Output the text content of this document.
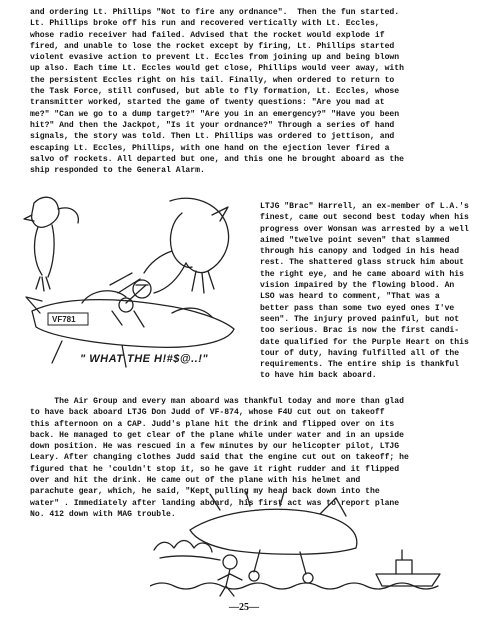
and ordering Lt. Phillips "Not to fire any ordnance".  Then the fun started.
Lt. Phillips broke off his run and recovered vertically with Lt. Eccles,
whose radio receiver had failed. Advised that the rocket would explode if
fired, and unable to lose the rocket except by firing, Lt. Phillips started
violent evasive action to prevent Lt. Eccles from joining up and being blown
up also. Each time Lt. Eccles would get close, Phillips would veer away, with
the persistent Eccles right on his tail. Finally, when ordered to return to
the Task Force, still confused, but able to fly formation, Lt. Eccles, whose
transmitter worked, started the game of twenty questions: "Are you mad at
me?" "Can we go to a dump target?" "Are you in an emergency?" "Have you been
hit?" And then the Jackpot, "Is it your ordnance?" Through a series of hand
signals, the story was told. Then Lt. Phillips was ordered to jettison, and
escaping Lt. Eccles, Phillips, with one hand on the ejection lever fired a
salvo of rockets. All departed but one, and this one he brought aboard as the
ship responded to the General Alarm.
VF781
" WHAT THE H!#$@..!"
LTJG "Brac" Harrell, an ex-member of L.A.'s
finest, came out second best today when his
progress over Wonsan was arrested by a well
aimed "twelve point seven" that slammed
through his canopy and lodged in his head
rest. The shattered glass struck him about
the right eye, and he came aboard with his
vision impaired by the flowing blood. An
LSO was heard to comment, "That was a
better pass than some two eyed ones I've
seen". The injury proved painful, but not
too serious. Brac is now the first candi-
date qualified for the Purple Heart on this
tour of duty, having fulfilled all of the
requirements. The entire ship is thankful
to have him back aboard.
The Air Group and every man aboard was thankful today and more than glad
to have back aboard LTJG Don Judd of VF-874, whose F4U cut out on takeoff
this afternoon on a CAP. Judd's plane hit the drink and flipped over on its
back. He managed to get clear of the plane while under water and in an upside
down position. He was rescued in a few minutes by our helicopter pilot, LTJG
Leary. After changing clothes Judd said that the engine cut out on takeoff; he
figured that he 'couldn't stop it, so he gave it right rudder and it flipped
over and hit the drink. He came out of the plane with his helmet and
parachute gear, which, he said, "Kept pulling my head back down into the
water" . Immediately after landing aboard, his first act was to report plane
No. 412 down with MAG trouble.
—25—
